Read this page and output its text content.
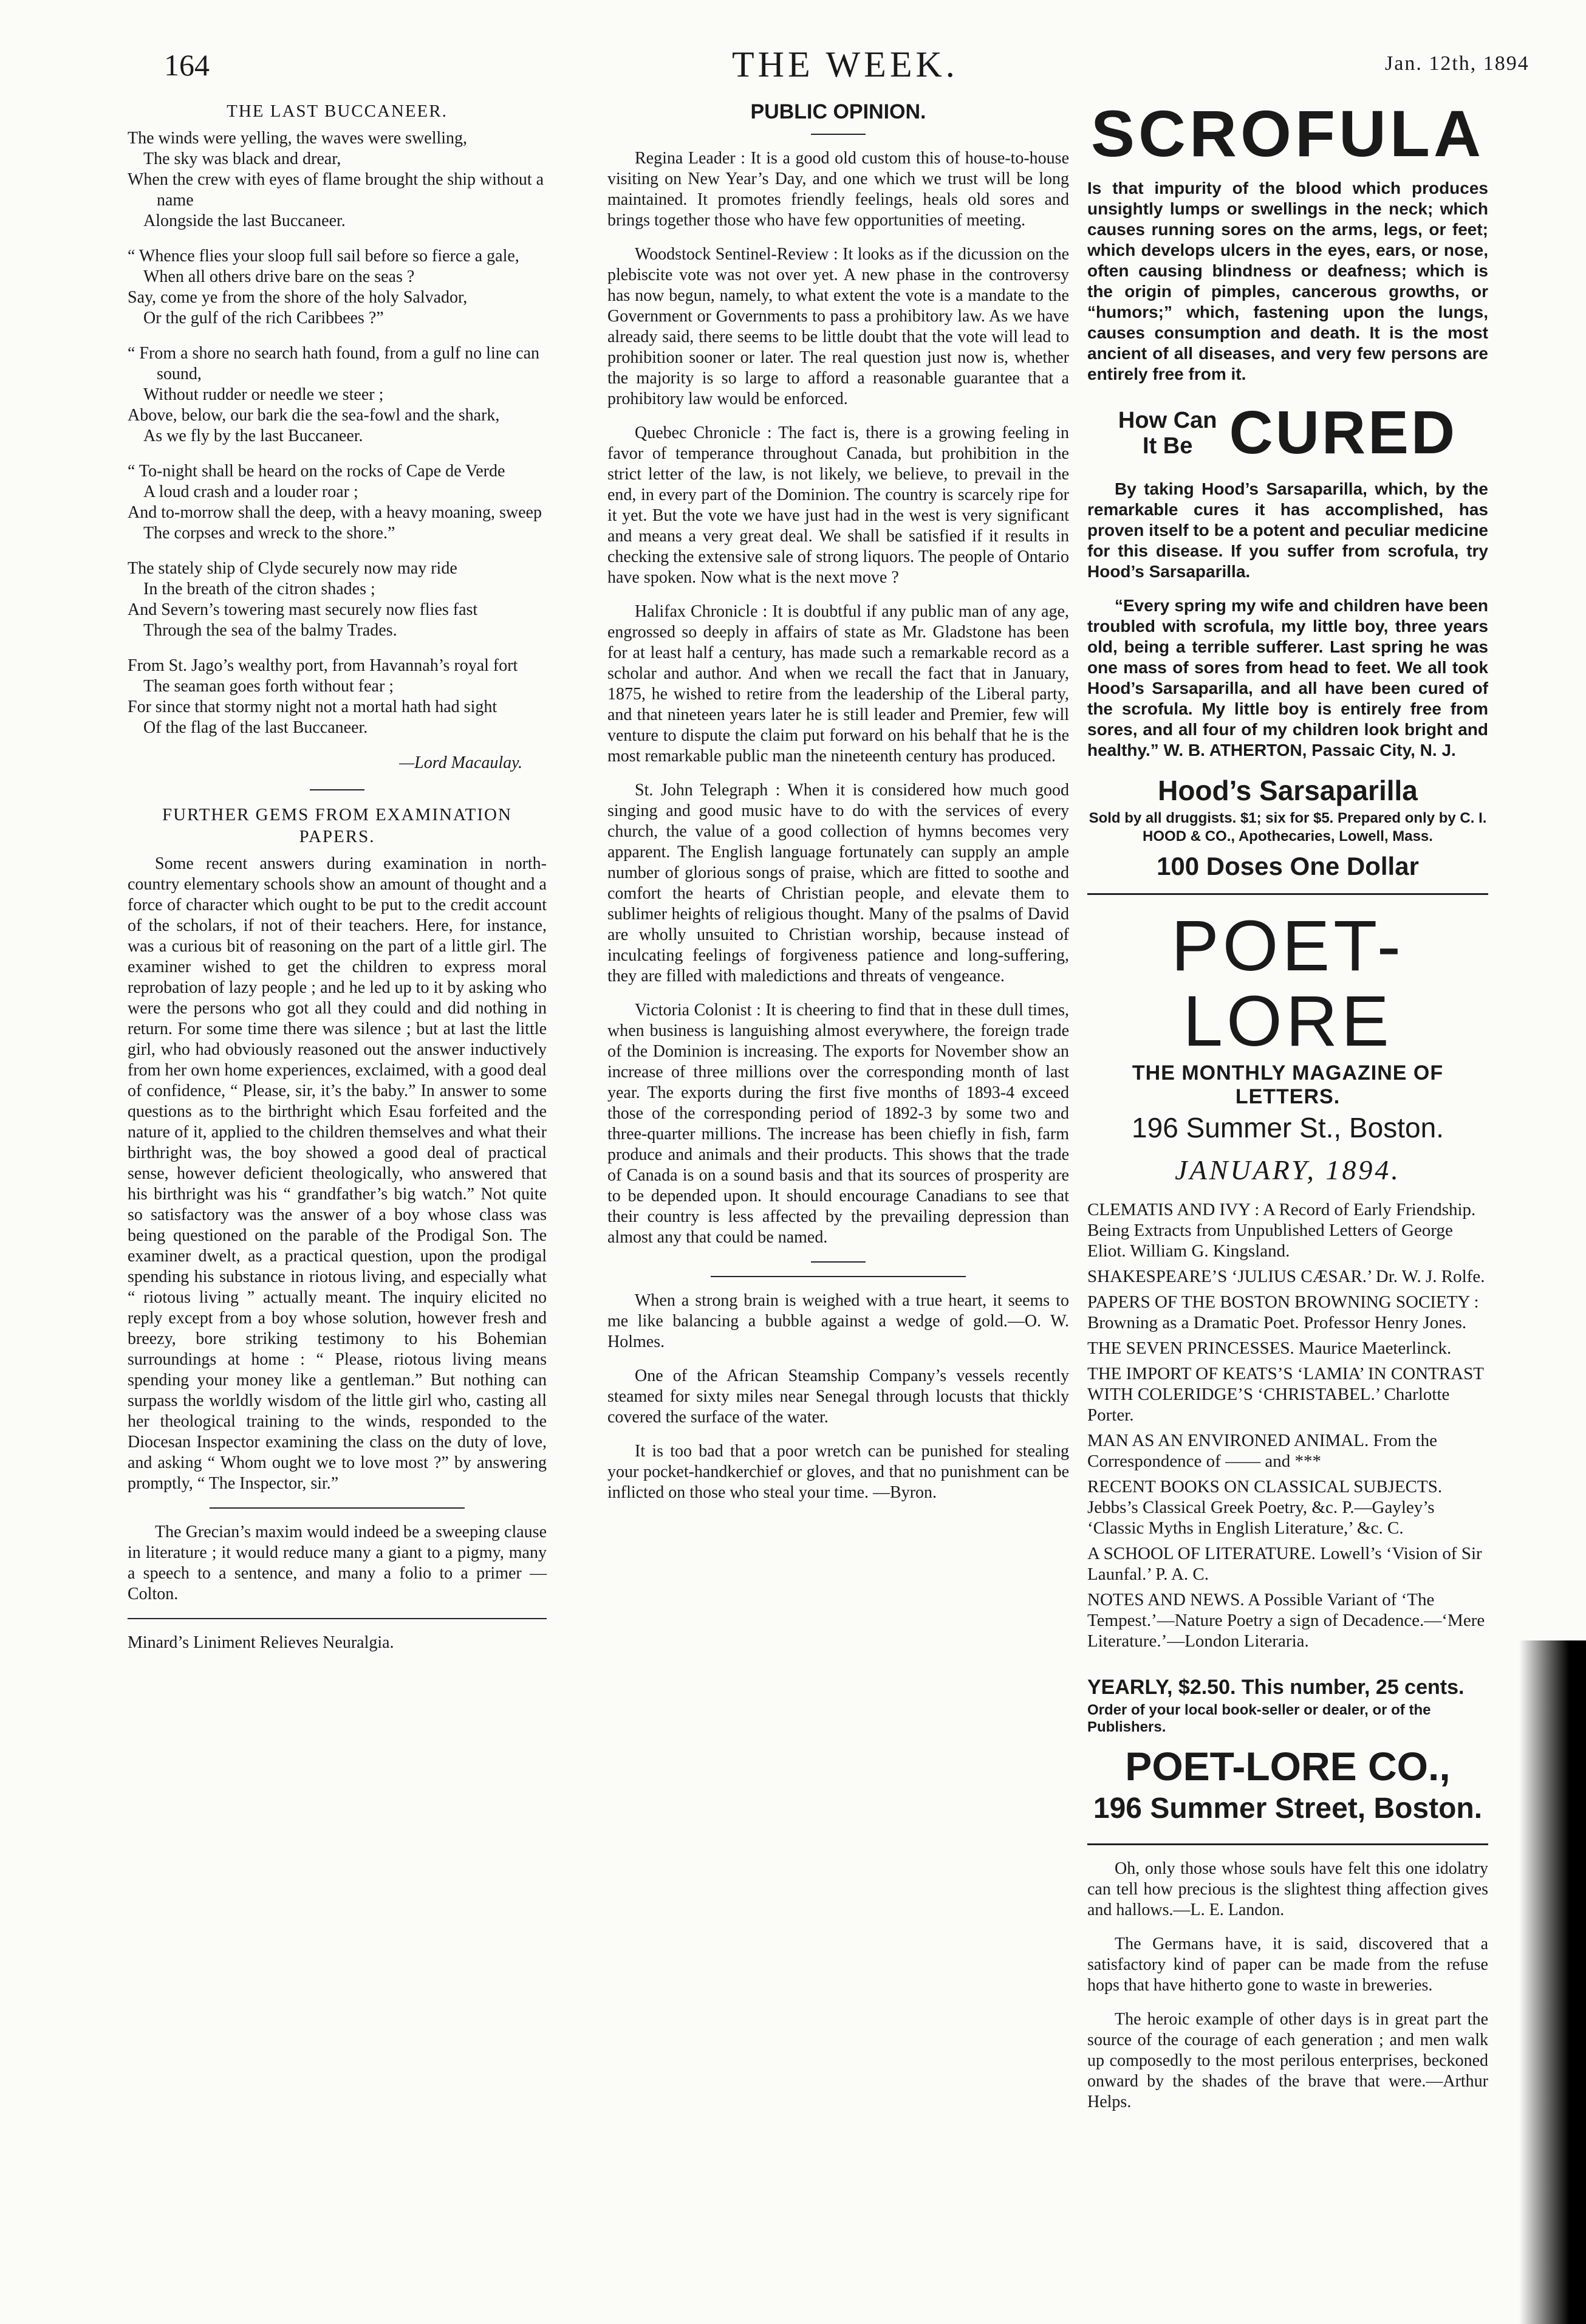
164	THE WEEK.	Jan. 12th, 1894
THE LAST BUCCANEER.
The winds were yelling, the waves were swelling,
The sky was black and drear,
When the crew with eyes of flame brought the ship without a name
Alongside the last Buccaneer.
“ Whence flies your sloop full sail before so fierce a gale,
When all others drive bare on the seas ?
Say, come ye from the shore of the holy Salvador,
Or the gulf of the rich Caribbees ?”
“ From a shore no search hath found, from a gulf no line can sound,
Without rudder or needle we steer ;
Above, below, our bark die the sea-fowl and the shark,
As we fly by the last Buccaneer.
“ To-night shall be heard on the rocks of Cape de Verde
A loud crash and a louder roar ;
And to-morrow shall the deep, with a heavy moaning, sweep
The corpses and wreck to the shore.”
The stately ship of Clyde securely now may ride
In the breath of the citron shades ;
And Severn’s towering mast securely now flies fast
Through the sea of the balmy Trades.
From St. Jago’s wealthy port, from Havannah’s royal fort
The seaman goes forth without fear ;
For since that stormy night not a mortal hath had sight
Of the flag of the last Buccaneer.
—Lord Macaulay.
FURTHER GEMS FROM EXAMINATION PAPERS.

Some recent answers during examination in north-country elementary schools show an amount of thought and a force of character which ought to be put to the credit account of the scholars, if not of their teachers. Here, for instance, was a curious bit of reasoning on the part of a little girl. The examiner wished to get the children to express moral reprobation of lazy people ; and he led up to it by asking who were the persons who got all they could and did nothing in return. For some time there was silence ; but at last the little girl, who had obviously reasoned out the answer inductively from her own home experiences, exclaimed, with a good deal of confidence, “ Please, sir, it’s the baby.” In answer to some questions as to the birthright which Esau forfeited and the nature of it, applied to the children themselves and what their birthright was, the boy showed a good deal of practical sense, however deficient theologically, who answered that his birthright was his “ grandfather’s big watch.” Not quite so satisfactory was the answer of a boy whose class was being questioned on the parable of the Prodigal Son. The examiner dwelt, as a practical question, upon the prodigal spending his substance in riotous living, and especially what “ riotous living ” actually meant. The inquiry elicited no reply except from a boy whose solution, however fresh and breezy, bore striking testimony to his Bohemian surroundings at home : “ Please, riotous living means spending your money like a gentleman.” But nothing can surpass the worldly wisdom of the little girl who, casting all her theological training to the winds, responded to the Diocesan Inspector examining the class on the duty of love, and asking “ Whom ought we to love most ?” by answering promptly, “ The Inspector, sir.”

The Grecian’s maxim would indeed be a sweeping clause in literature ; it would reduce many a giant to a pigmy, many a speech to a sentence, and many a folio to a primer — Colton.

Minard’s Liniment Relieves Neuralgia.

PUBLIC OPINION.

Regina Leader : It is a good old custom this of house-to-house visiting on New Year’s Day, and one which we trust will be long maintained. It promotes friendly feelings, heals old sores and brings together those who have few opportunities of meeting.

Woodstock Sentinel-Review : It looks as if the dicussion on the plebiscite vote was not over yet. A new phase in the controversy has now begun, namely, to what extent the vote is a mandate to the Government or Governments to pass a prohibitory law. As we have already said, there seems to be little doubt that the vote will lead to prohibition sooner or later. The real question just now is, whether the majority is so large to afford a reasonable guarantee that a prohibitory law would be enforced.

Quebec Chronicle : The fact is, there is a growing feeling in favor of temperance throughout Canada, but prohibition in the strict letter of the law, is not likely, we believe, to prevail in the end, in every part of the Dominion. The country is scarcely ripe for it yet. But the vote we have just had in the west is very significant and means a very great deal. We shall be satisfied if it results in checking the extensive sale of strong liquors. The people of Ontario have spoken. Now what is the next move ?

Halifax Chronicle : It is doubtful if any public man of any age, engrossed so deeply in affairs of state as Mr. Gladstone has been for at least half a century, has made such a remarkable record as a scholar and author. And when we recall the fact that in January, 1875, he wished to retire from the leadership of the Liberal party, and that nineteen years later he is still leader and Premier, few will venture to dispute the claim put forward on his behalf that he is the most remarkable public man the nineteenth century has produced.

St. John Telegraph : When it is considered how much good singing and good music have to do with the services of every church, the value of a good collection of hymns becomes very apparent. The English language fortunately can supply an ample number of glorious songs of praise, which are fitted to soothe and comfort the hearts of Christian people, and elevate them to sublimer heights of religious thought. Many of the psalms of David are wholly unsuited to Christian worship, because instead of inculcating feelings of forgiveness patience and long-suffering, they are filled with maledictions and threats of vengeance.

Victoria Colonist : It is cheering to find that in these dull times, when business is languishing almost everywhere, the foreign trade of the Dominion is increasing. The exports for November show an increase of three millions over the corresponding month of last year. The exports during the first five months of 1893-4 exceed those of the corresponding period of 1892-3 by some two and three-quarter millions. The increase has been chiefly in fish, farm produce and animals and their products. This shows that the trade of Canada is on a sound basis and that its sources of prosperity are to be depended upon. It should encourage Canadians to see that their country is less affected by the prevailing depression than almost any that could be named.

When a strong brain is weighed with a true heart, it seems to me like balancing a bubble against a wedge of gold.—O. W. Holmes.

One of the African Steamship Company’s vessels recently steamed for sixty miles near Senegal through locusts that thickly covered the surface of the water.

It is too bad that a poor wretch can be punished for stealing your pocket-handkerchief or gloves, and that no punishment can be inflicted on those who steal your time. —Byron.

SCROFULA

Is that impurity of the blood which produces unsightly lumps or swellings in the neck; which causes running sores on the arms, legs, or feet; which develops ulcers in the eyes, ears, or nose, often causing blindness or deafness; which is the origin of pimples, cancerous growths, or “humors;” which, fastening upon the lungs, causes consumption and death. It is the most ancient of all diseases, and very few persons are entirely free from it.

How Can
It Be CURED

By taking Hood’s Sarsaparilla, which, by the remarkable cures it has accomplished, has proven itself to be a potent and peculiar medicine for this disease. If you suffer from scrofula, try Hood’s Sarsaparilla.

“Every spring my wife and children have been troubled with scrofula, my little boy, three years old, being a terrible sufferer. Last spring he was one mass of sores from head to feet. We all took Hood’s Sarsaparilla, and all have been cured of the scrofula. My little boy is entirely free from sores, and all four of my children look bright and healthy.” W. B. ATHERTON, Passaic City, N. J.

Hood’s Sarsaparilla
Sold by all druggists. $1; six for $5. Prepared only by C. I. HOOD & CO., Apothecaries, Lowell, Mass.
100 Doses One Dollar
POET-LORE
THE MONTHLY MAGAZINE OF LETTERS.
196 Summer St., Boston.
JANUARY, 1894.
CLEMATIS AND IVY : A Record of Early Friendship. Being Extracts from Unpublished Letters of George Eliot. William G. Kingsland.
SHAKESPEARE’S ‘JULIUS CÆSAR.’ Dr. W. J. Rolfe.
PAPERS OF THE BOSTON BROWNING SOCIETY : Browning as a Dramatic Poet. Professor Henry Jones.
THE SEVEN PRINCESSES. Maurice Maeterlinck.
THE IMPORT OF KEATS’S ‘LAMIA’ IN CONTRAST WITH COLERIDGE’S ‘CHRISTABEL.’ Charlotte Porter.
MAN AS AN ENVIRONED ANIMAL. From the Correspondence of —— and ***
RECENT BOOKS ON CLASSICAL SUBJECTS. Jebbs’s Classical Greek Poetry, &c. P.—Gayley’s ‘Classic Myths in English Literature,’ &c. C.
A SCHOOL OF LITERATURE. Lowell’s ‘Vision of Sir Launfal.’ P. A. C.
NOTES AND NEWS. A Possible Variant of ‘The Tempest.’—Nature Poetry a sign of Decadence.—‘Mere Literature.’—London Literaria.
YEARLY, $2.50. This number, 25 cents.
Order of your local book-seller or dealer, or of the Publishers.
POET-LORE CO.,
196 Summer Street, Boston.

Oh, only those whose souls have felt this one idolatry can tell how precious is the slightest thing affection gives and hallows.—L. E. Landon.

The Germans have, it is said, discovered that a satisfactory kind of paper can be made from the refuse hops that have hitherto gone to waste in breweries.

The heroic example of other days is in great part the source of the courage of each generation ; and men walk up composedly to the most perilous enterprises, beckoned onward by the shades of the brave that were.—Arthur Helps.
